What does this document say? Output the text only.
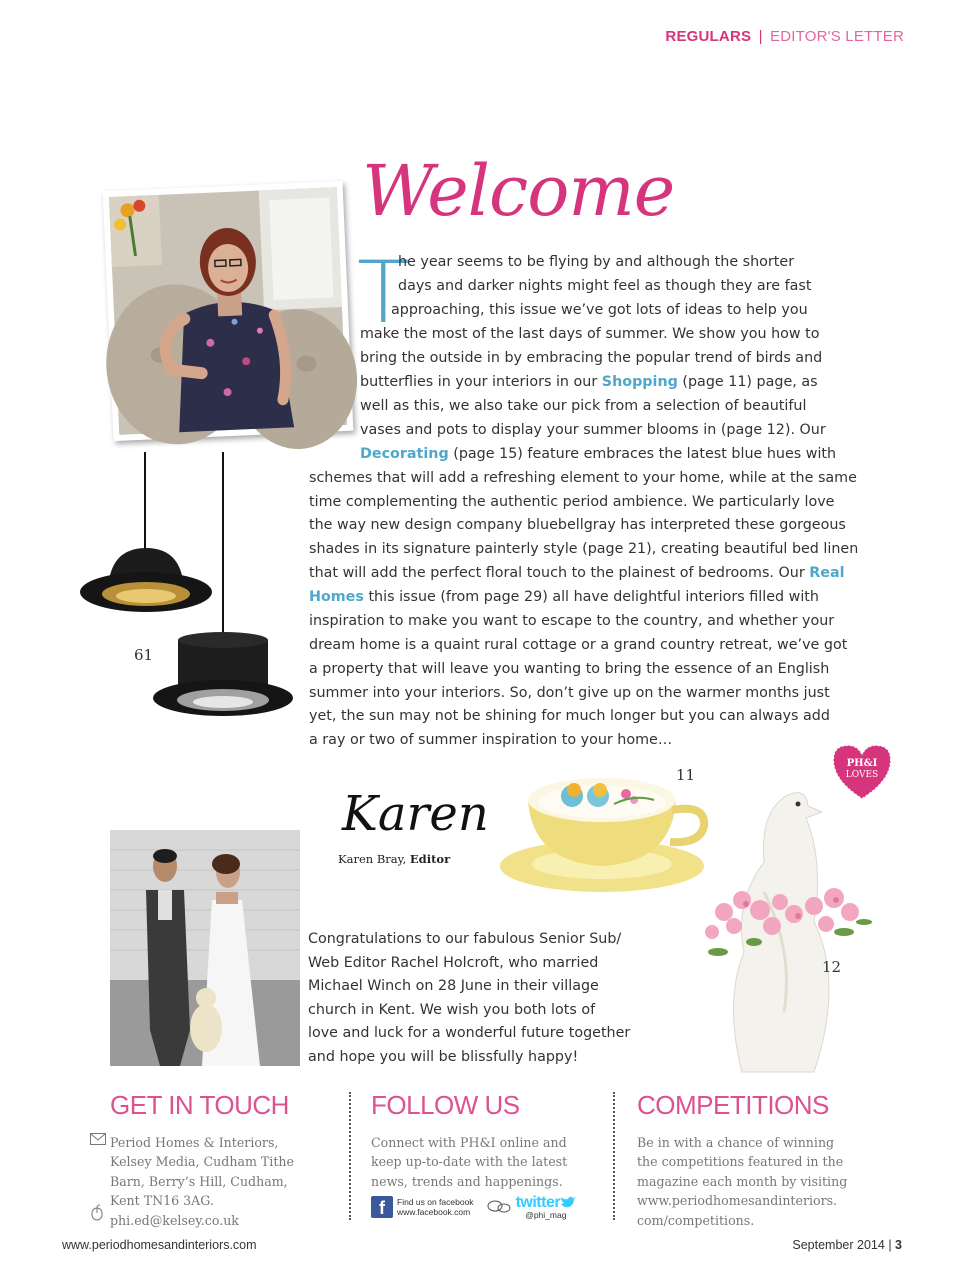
REGULARS | EDITOR'S LETTER
Welcome
T
he year seems to be flying by and although the shorter
days and darker nights might feel as though they are fast
approaching, this issue we’ve got lots of ideas to help you
make the most of the last days of summer. We show you how to
bring the outside in by embracing the popular trend of birds and
butterflies in your interiors in our Shopping (page 11) page, as
well as this, we also take our pick from a selection of beautiful
vases and pots to display your summer blooms in (page 12). Our
Decorating (page 15) feature embraces the latest blue hues with
schemes that will add a refreshing element to your home, while at the same
time complementing the authentic period ambience. We particularly love
the way new design company bluebellgray has interpreted these gorgeous
shades in its signature painterly style (page 21), creating beautiful bed linen
that will add the perfect floral touch to the plainest of bedrooms. Our Real
Homes this issue (from page 29) all have delightful interiors filled with
inspiration to make you want to escape to the country, and whether your
dream home is a quaint rural cottage or a grand country retreat, we’ve got
a property that will leave you wanting to bring the essence of an English
summer into your interiors. So, don’t give up on the warmer months just
yet, the sun may not be shining for much longer but you can always add
a ray or two of summer inspiration to your home…
61
Karen
Karen Bray, Editor
11
PH&I
LOVES
12
Congratulations to our fabulous Senior Sub/
Web Editor Rachel Holcroft, who married
Michael Winch on 28 June in their village
church in Kent. We wish you both lots of
love and luck for a wonderful future together
and hope you will be blissfully happy!
GET IN TOUCH

Period Homes & Interiors,

Kelsey Media, Cudham Tithe

Barn, Berry’s Hill, Cudham,

Kent TN16 3AG.

phi.ed@kelsey.co.uk

FOLLOW US

Connect with PH&I online and

keep up-to-date with the latest

news, trends and happenings.

f	Find us on facebook
www.facebook.com
twitter
@phi_mag
COMPETITIONS

Be in with a chance of winning

the competitions featured in the

magazine each month by visiting

www.periodhomesandinteriors.

com/competitions.

www.periodhomesandinteriors.com	September 2014 | 3
